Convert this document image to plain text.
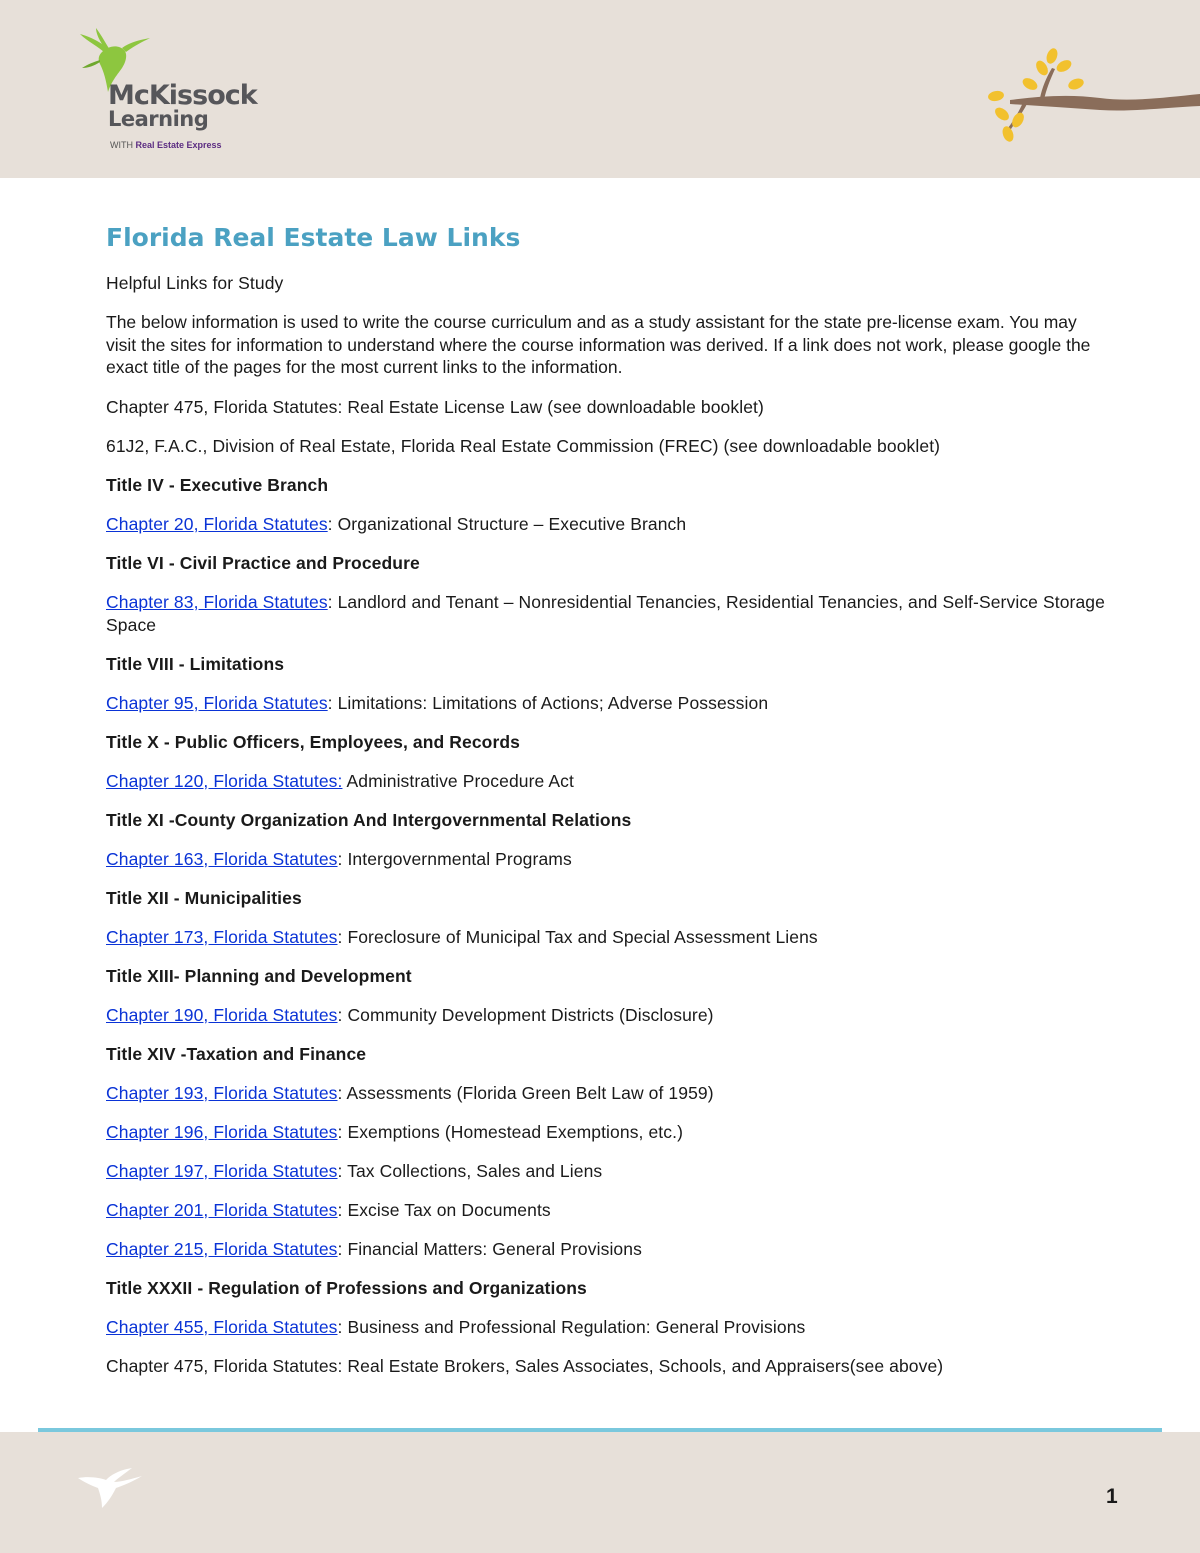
McKissock
Learning
WITH Real Estate Express
Florida Real Estate Law Links

Helpful Links for Study

The below information is used to write the course curriculum and as a study assistant for the state pre-license exam. You may visit the sites for information to understand where the course information was derived. If a link does not work, please google the exact title of the pages for the most current links to the information.

Chapter 475, Florida Statutes: Real Estate License Law (see downloadable booklet)

61J2, F.A.C., Division of Real Estate, Florida Real Estate Commission (FREC) (see downloadable booklet)

Title IV - Executive Branch

Chapter 20, Florida Statutes: Organizational Structure – Executive Branch

Title VI - Civil Practice and Procedure

Chapter 83, Florida Statutes: Landlord and Tenant – Nonresidential Tenancies, Residential Tenancies, and Self-Service Storage Space

Title VIII - Limitations

Chapter 95, Florida Statutes: Limitations: Limitations of Actions; Adverse Possession

Title X - Public Officers, Employees, and Records

Chapter 120, Florida Statutes: Administrative Procedure Act

Title XI -County Organization And Intergovernmental Relations

Chapter 163, Florida Statutes: Intergovernmental Programs

Title XII - Municipalities

Chapter 173, Florida Statutes: Foreclosure of Municipal Tax and Special Assessment Liens

Title XIII- Planning and Development

Chapter 190, Florida Statutes: Community Development Districts (Disclosure)

Title XIV -Taxation and Finance

Chapter 193, Florida Statutes: Assessments (Florida Green Belt Law of 1959)

Chapter 196, Florida Statutes: Exemptions (Homestead Exemptions, etc.)

Chapter 197, Florida Statutes: Tax Collections, Sales and Liens

Chapter 201, Florida Statutes: Excise Tax on Documents

Chapter 215, Florida Statutes: Financial Matters: General Provisions

Title XXXII - Regulation of Professions and Organizations

Chapter 455, Florida Statutes: Business and Professional Regulation: General Provisions

Chapter 475, Florida Statutes: Real Estate Brokers, Sales Associates, Schools, and Appraisers(see above)

1
